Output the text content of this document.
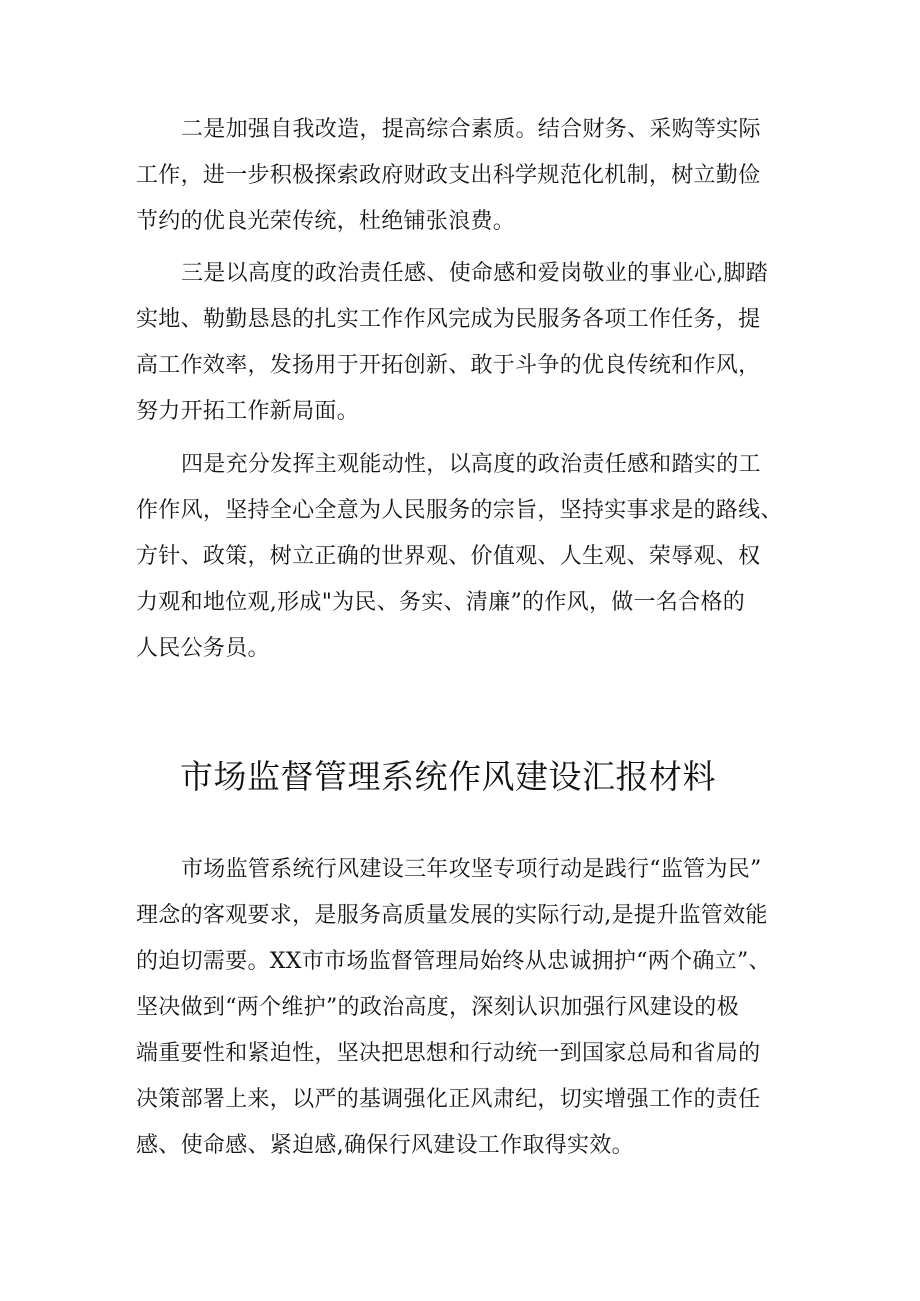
二是加强自我改造，提高综合素质。结合财务、采购等实际
工作，进一步积极探索政府财政支出科学规范化机制，树立勤俭
节约的优良光荣传统，杜绝铺张浪费。
三是以高度的政治责任感、使命感和爱岗敬业的事业心,脚踏
实地、勒勤恳恳的扎实工作作风完成为民服务各项工作任务，提
高工作效率，发扬用于开拓创新、敢于斗争的优良传统和作风，
努力开拓工作新局面。
四是充分发挥主观能动性，以高度的政治责任感和踏实的工
作作风，坚持全心全意为人民服务的宗旨，坚持实事求是的路线、
方针、政策，树立正确的世界观、价值观、人生观、荣辱观、权
力观和地位观,形成"为民、务实、清廉”的作风，做一名合格的
人民公务员。
市场监督管理系统作风建设汇报材料
市场监管系统行风建设三年攻坚专项行动是践行“监管为民”
理念的客观要求，是服务高质量发展的实际行动,是提升监管效能
的迫切需要。XX市市场监督管理局始终从忠诚拥护“两个确立”、
坚决做到“两个维护”的政治高度，深刻认识加强行风建设的极
端重要性和紧迫性，坚决把思想和行动统一到国家总局和省局的
决策部署上来，以严的基调强化正风肃纪，切实增强工作的责任
感、使命感、紧迫感,确保行风建设工作取得实效。
